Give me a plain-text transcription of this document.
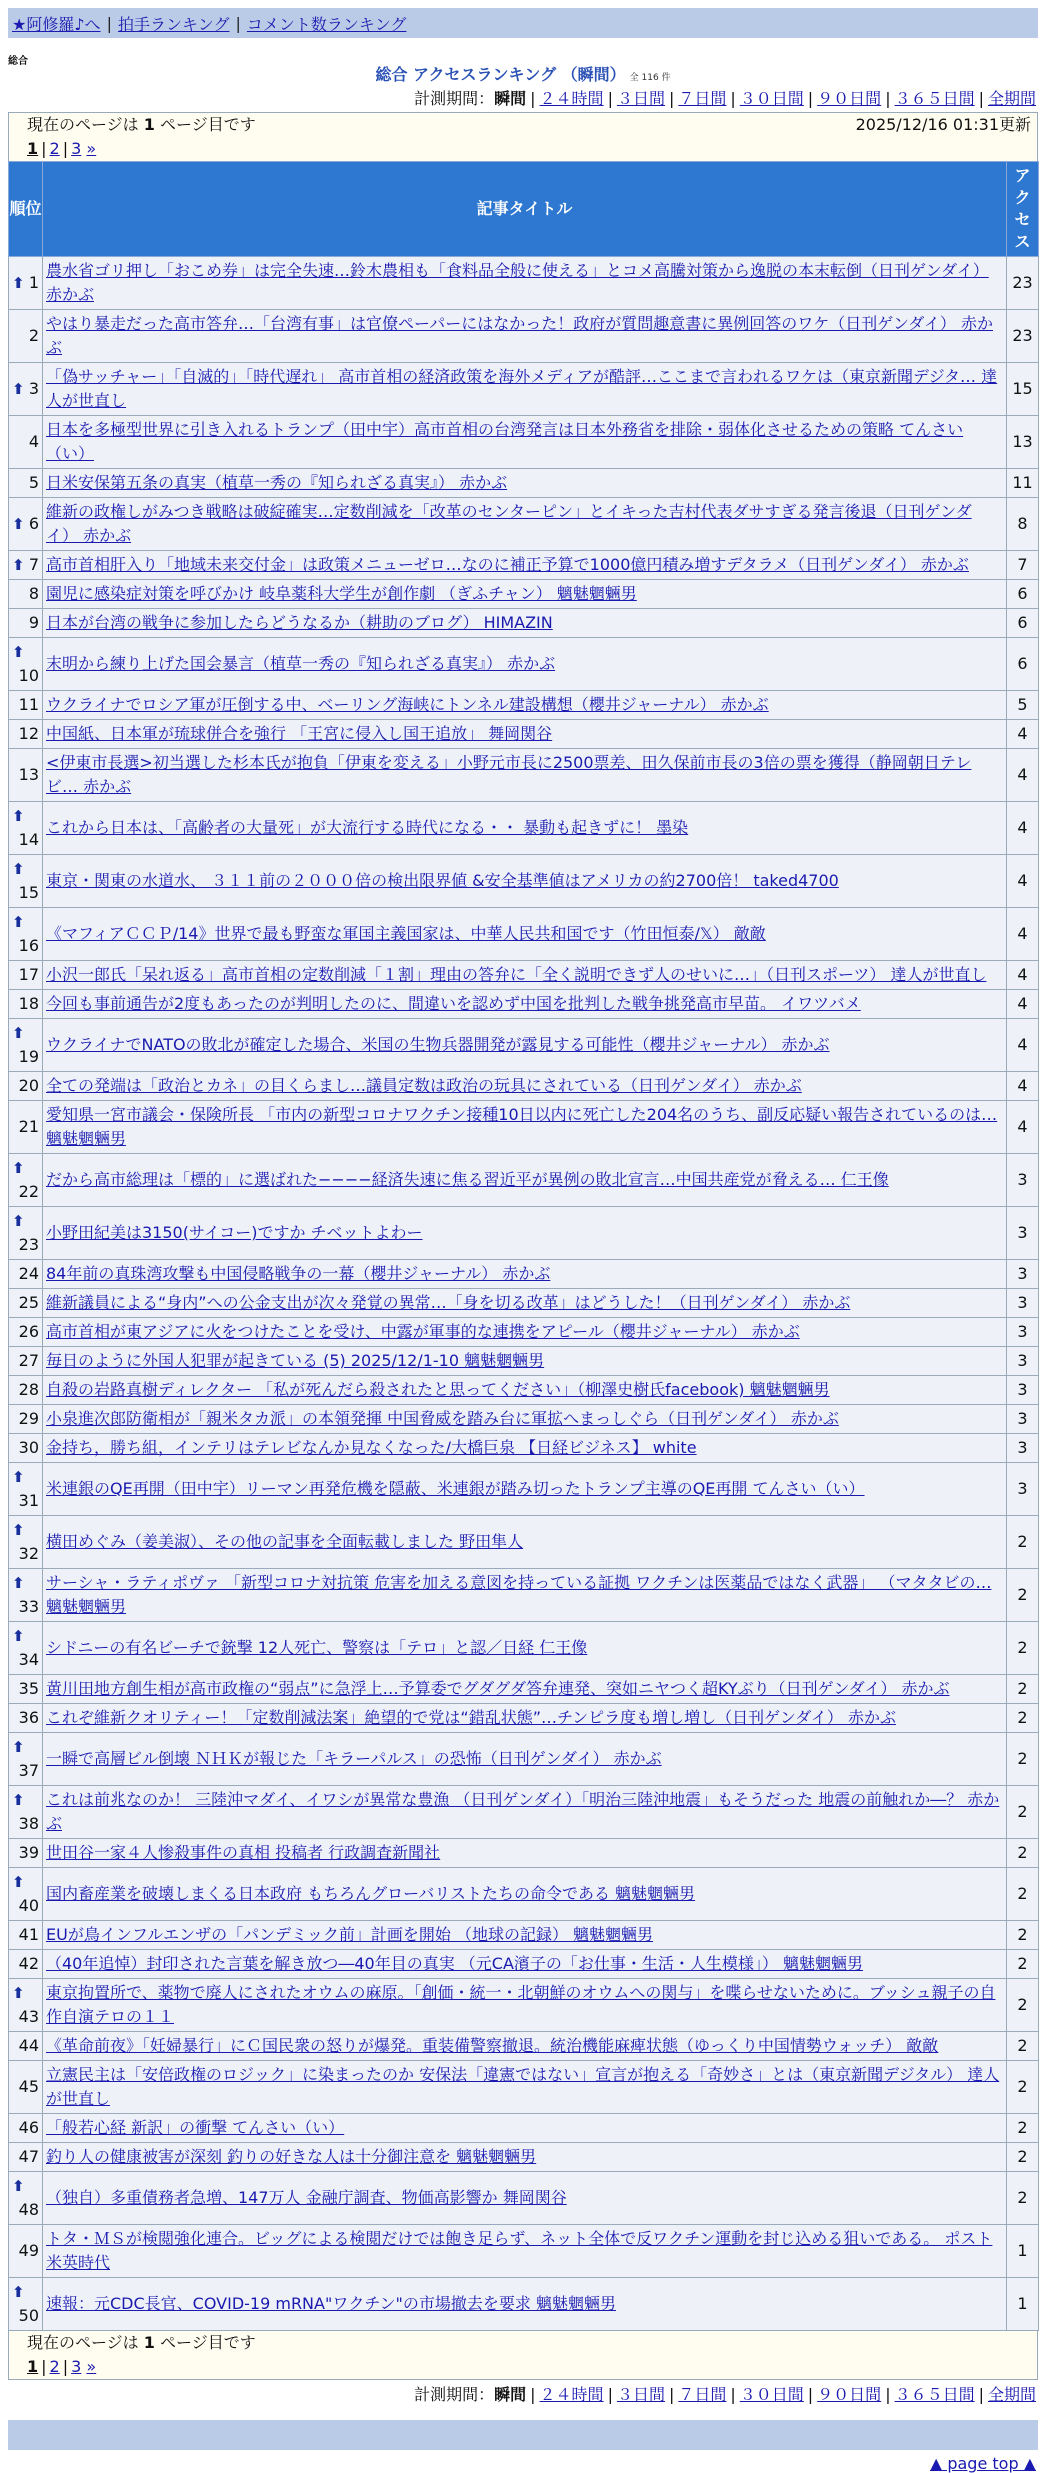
★阿修羅♪へ | 拍手ランキング | コメント数ランキング
総合
総合 アクセスランキング （瞬間） 全 116 件
計測期間：瞬間 | ２４時間 | ３日間 | ７日間 | ３０日間 | ９０日間 | ３６５日間 | 全期間
現在のページは 1 ページ目です	2025/12/16 01:31更新
1 | 2 | 3 »
順位	記事タイトル	アクセス

⬆ 1	農水省ゴリ押し「おこめ券」は完全失速…鈴木農相も「食料品全般に使える」とコメ高騰対策から逸脱の本末転倒（日刊ゲンダイ） 赤かぶ	23
2	やはり暴走だった高市答弁…「台湾有事」は官僚ペーパーにはなかった！政府が質問趣意書に異例回答のワケ（日刊ゲンダイ） 赤かぶ	23

⬆ 3	「偽サッチャー」「自滅的」「時代遅れ」 高市首相の経済政策を海外メディアが酷評…ここまで言われるワケは（東京新聞デジタ… 達人が世直し	15
4	日本を多極型世界に引き入れるトランプ（田中宇）高市首相の台湾発言は日本外務省を排除・弱体化させるための策略 てんさい（い）	13
5	日米安保第五条の真実（植草一秀の『知られざる真実』） 赤かぶ	11

⬆ 6	維新の政権しがみつき戦略は破綻確実…定数削減を「改革のセンターピン」とイキった吉村代表ダサすぎる発言後退（日刊ゲンダイ） 赤かぶ	8

⬆ 7	高市首相肝入り「地域未来交付金」は政策メニューゼロ…なのに補正予算で1000億円積み増すデタラメ（日刊ゲンダイ） 赤かぶ	7
8	園児に感染症対策を呼びかけ 岐阜薬科大学生が創作劇 （ぎふチャン） 魑魅魍魎男	6
9	日本が台湾の戦争に参加したらどうなるか（耕助のブログ） HIMAZIN	6

⬆
10	末明から練り上げた国会暴言（植草一秀の『知られざる真実』） 赤かぶ	6
11	ウクライナでロシア軍が圧倒する中、ベーリング海峡にトンネル建設構想（櫻井ジャーナル） 赤かぶ	5
12	中国紙、日本軍が琉球併合を強行 「王宮に侵入し国王追放」 舞岡関谷	4
13	<伊東市長選>初当選した杉本氏が抱負「伊東を変える」小野元市長に2500票差、田久保前市長の3倍の票を獲得（静岡朝日テレビ… 赤かぶ	4

⬆
14	これから日本は、「高齢者の大量死」が大流行する時代になる・・ 暴動も起きずに！ 墨染	4

⬆
15	東京・関東の水道水、 ３１１前の２０００倍の検出限界値 &安全基準値はアメリカの約2700倍！ taked4700	4

⬆
16	《マフィアＣＣＰ/14》世界で最も野蛮な軍国主義国家は、中華人民共和国です（竹田恒泰/𝕏） 敵敵	4
17	小沢一郎氏「呆れ返る」高市首相の定数削減「１割」理由の答弁に「全く説明できず人のせいに…」（日刊スポーツ） 達人が世直し	4
18	今回も事前通告が2度もあったのが判明したのに、間違いを認めず中国を批判した戦争挑発高市早苗。 イワツバメ	4

⬆
19	ウクライナでNATOの敗北が確定した場合、米国の生物兵器開発が露見する可能性（櫻井ジャーナル） 赤かぶ	4
20	全ての発端は「政治とカネ」の目くらまし…議員定数は政治の玩具にされている（日刊ゲンダイ） 赤かぶ	4
21	愛知県一宮市議会・保険所長 「市内の新型コロナワクチン接種10日以内に死亡した204名のうち、副反応疑い報告されているのは… 魑魅魍魎男	4

⬆
22	だから高市総理は「標的」に選ばれた−−−−経済失速に焦る習近平が異例の敗北宣言…中国共産党が脅える… 仁王像	3

⬆
23	小野田紀美は3150(サイコー)ですか チベットよわー	3
24	84年前の真珠湾攻撃も中国侵略戦争の一幕（櫻井ジャーナル） 赤かぶ	3
25	維新議員による“身内”への公金支出が次々発覚の異常…「身を切る改革」はどうした！（日刊ゲンダイ） 赤かぶ	3
26	高市首相が東アジアに火をつけたことを受け、中露が軍事的な連携をアピール（櫻井ジャーナル） 赤かぶ	3
27	毎日のように外国人犯罪が起きている (5) 2025/12/1-10 魑魅魍魎男	3
28	自殺の岩路真樹ディレクター 「私が死んだら殺されたと思ってください」（柳澤史樹氏facebook) 魑魅魍魎男	3
29	小泉進次郎防衛相が「親米タカ派」の本領発揮 中国脅威を踏み台に軍拡へまっしぐら（日刊ゲンダイ） 赤かぶ	3
30	金持ち，勝ち組，インテリはテレビなんか見なくなった/大橋巨泉 【日経ビジネス】 white	3

⬆
31	米連銀のQE再開（田中宇）リーマン再発危機を隠蔽、米連銀が踏み切ったトランプ主導のQE再開 てんさい（い）	3

⬆
32	横田めぐみ（姜美淑）、その他の記事を全面転載しました 野田隼人	2

⬆
33	サーシャ・ラティポヴァ 「新型コロナ対抗策 危害を加える意図を持っている証拠 ワクチンは医薬品ではなく武器」 （マタタビの… 魑魅魍魎男	2

⬆
34	シドニーの有名ビーチで銃撃 12人死亡、警察は「テロ」と認／日経 仁王像	2
35	黄川田地方創生相が高市政権の“弱点”に急浮上…予算委でグダグダ答弁連発、突如ニヤつく超KYぶり（日刊ゲンダイ） 赤かぶ	2
36	これぞ維新クオリティー！「定数削減法案」絶望的で党は“錯乱状態”…チンピラ度も増し増し（日刊ゲンダイ） 赤かぶ	2

⬆
37	一瞬で高層ビル倒壊 ＮＨＫが報じた「キラーパルス」の恐怖（日刊ゲンダイ） 赤かぶ	2

⬆
38	これは前兆なのか！ 三陸沖マダイ、イワシが異常な豊漁 （日刊ゲンダイ）「明治三陸沖地震」もそうだった 地震の前触れか―？ 赤かぶ	2
39	世田谷一家４人惨殺事件の真相 投稿者 行政調査新聞社	2

⬆
40	国内畜産業を破壊しまくる日本政府 もちろんグローバリストたちの命令である 魑魅魍魎男	2
41	EUが鳥インフルエンザの「パンデミック前」計画を開始 （地球の記録） 魑魅魍魎男	2
42	（40年追悼）封印された言葉を解き放つ―40年目の真実 （元CA濱子の「お仕事・生活・人生模様」） 魑魅魍魎男	2

⬆
43	東京拘置所で、薬物で廃人にされたオウムの麻原。「創価・統一・北朝鮮のオウムへの関与」を喋らせないために。ブッシュ親子の自作自演テロの１１	2
44	《革命前夜》「妊婦暴行」にＣ国民衆の怒りが爆発。重装備警察撤退。統治機能麻痺状態（ゆっくり中国情勢ウォッチ） 敵敵	2
45	立憲民主は「安倍政権のロジック」に染まったのか 安保法「違憲ではない」宣言が抱える「奇妙さ」とは（東京新聞デジタル） 達人が世直し	2
46	「般若心経 新訳」の衝撃 てんさい（い）	2
47	釣り人の健康被害が深刻 釣りの好きな人は十分御注意を 魑魅魍魎男	2

⬆
48	（独自）多重債務者急増、147万人 金融庁調査、物価高影響か 舞岡関谷	2
49	トタ・ＭＳが検閲強化連合。ビッグによる検閲だけでは飽き足らず、ネット全体で反ワクチン運動を封じ込める狙いである。 ポスト米英時代	1

⬆
50	速報：元CDC長官、COVID-19 mRNA"ワクチン"の市場撤去を要求 魑魅魍魎男	1
現在のページは 1 ページ目です
1 | 2 | 3 »
計測期間：瞬間 | ２４時間 | ３日間 | ７日間 | ３０日間 | ９０日間 | ３６５日間 | 全期間
▲ page top ▲
